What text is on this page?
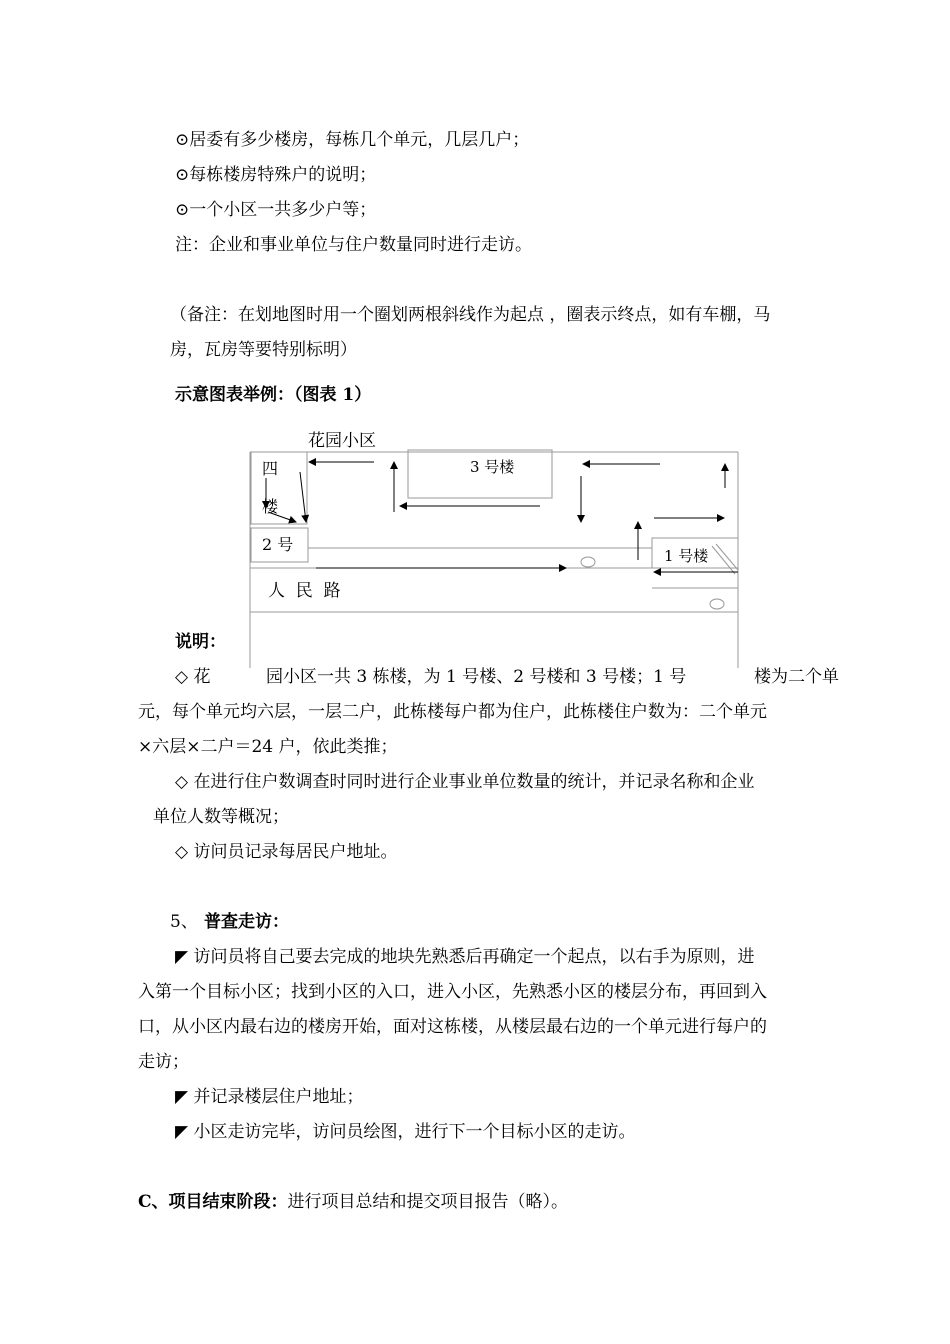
⊙居委有多少楼房，每栋几个单元，几层几户；
⊙每栋楼房特殊户的说明；
⊙一个小区一共多少户等；
注：企业和事业单位与住户数量同时进行走访。
（备注：在划地图时用一个圈划两根斜线作为起点 ，圈表示终点，如有车棚，马
房，瓦房等要特别标明）
示意图表举例：（图表 1）
花园小区
3 号楼
四
楼
2 号
1 号楼
人  民  路
说明：
◇ 花	园小区一共 3 栋楼，为 1 号楼、2 号楼和 3 号楼；1 号	楼为二个单
元，每个单元均六层，一层二户，此栋楼每户都为住户，此栋楼住户数为：二个单元
×六层×二户＝24 户，依此类推；
◇ 在进行住户数调查时同时进行企业事业单位数量的统计，并记录名称和企业
单位人数等概况；
◇ 访问员记录每居民户地址。
5、 普查走访：
◤ 访问员将自己要去完成的地块先熟悉后再确定一个起点，以右手为原则，进
入第一个目标小区；找到小区的入口，进入小区，先熟悉小区的楼层分布，再回到入
口，从小区内最右边的楼房开始，面对这栋楼，从楼层最右边的一个单元进行每户的
走访；
◤ 并记录楼层住户地址；
◤ 小区走访完毕，访问员绘图，进行下一个目标小区的走访。
C、项目结束阶段：进行项目总结和提交项目报告（略）。
